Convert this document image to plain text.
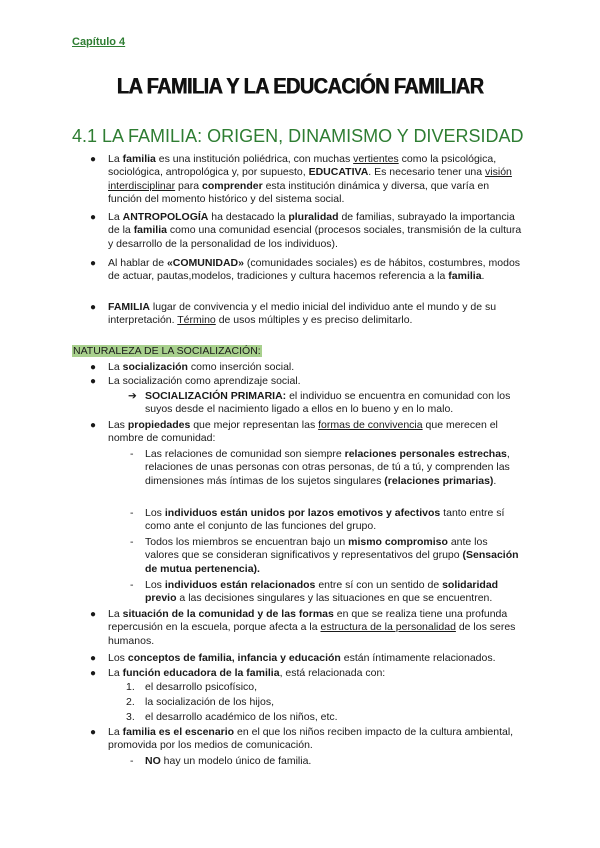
Capítulo 4
LA FAMILIA Y LA EDUCACIÓN FAMILIAR
4.1 LA FAMILIA: ORIGEN, DINAMISMO Y DIVERSIDAD
● La familia es una institución poliédrica, con muchas vertientes como la psicológica, sociológica, antropológica y, por supuesto, EDUCATIVA. Es necesario tener una visión interdisciplinar para comprender esta institución dinámica y diversa, que varía en función del momento histórico y del sistema social.
● La ANTROPOLOGÍA ha destacado la pluralidad de familias, subrayado la importancia de la familia como una comunidad esencial (procesos sociales, transmisión de la cultura y desarrollo de la personalidad de los individuos).
● Al hablar de «COMUNIDAD» (comunidades sociales) es de hábitos, costumbres, modos de actuar, pautas,modelos, tradiciones y cultura hacemos referencia a la familia.
● FAMILIA lugar de convivencia y el medio inicial del individuo ante el mundo y de su interpretación. Término de usos múltiples y es preciso delimitarlo.
NATURALEZA DE LA SOCIALIZACIÓN:
● La socialización como inserción social.
● La socialización como aprendizaje social.
➔ SOCIALIZACIÓN PRIMARIA: el individuo se encuentra en comunidad con los suyos desde el nacimiento ligado a ellos en lo bueno y en lo malo.
● Las propiedades que mejor representan las formas de convivencia que merecen el nombre de comunidad:
- Las relaciones de comunidad son siempre relaciones personales estrechas, relaciones de unas personas con otras personas, de tú a tú, y comprenden las dimensiones más íntimas de los sujetos singulares (relaciones primarias).
- Los individuos están unidos por lazos emotivos y afectivos tanto entre sí como ante el conjunto de las funciones del grupo.
- Todos los miembros se encuentran bajo un mismo compromiso ante los valores que se consideran significativos y representativos del grupo (Sensación de mutua pertenencia).
- Los individuos están relacionados entre sí con un sentido de solidaridad previo a las decisiones singulares y las situaciones en que se encuentren.
● La situación de la comunidad y de las formas en que se realiza tiene una profunda repercusión en la escuela, porque afecta a la estructura de la personalidad de los seres humanos.
● Los conceptos de familia, infancia y educación están íntimamente relacionados.
● La función educadora de la familia, está relacionada con:
1. el desarrollo psicofísico,
2. la socialización de los hijos,
3. el desarrollo académico de los niños, etc.
● La familia es el escenario en el que los niños reciben impacto de la cultura ambiental, promovida por los medios de comunicación.
- NO hay un modelo único de familia.
